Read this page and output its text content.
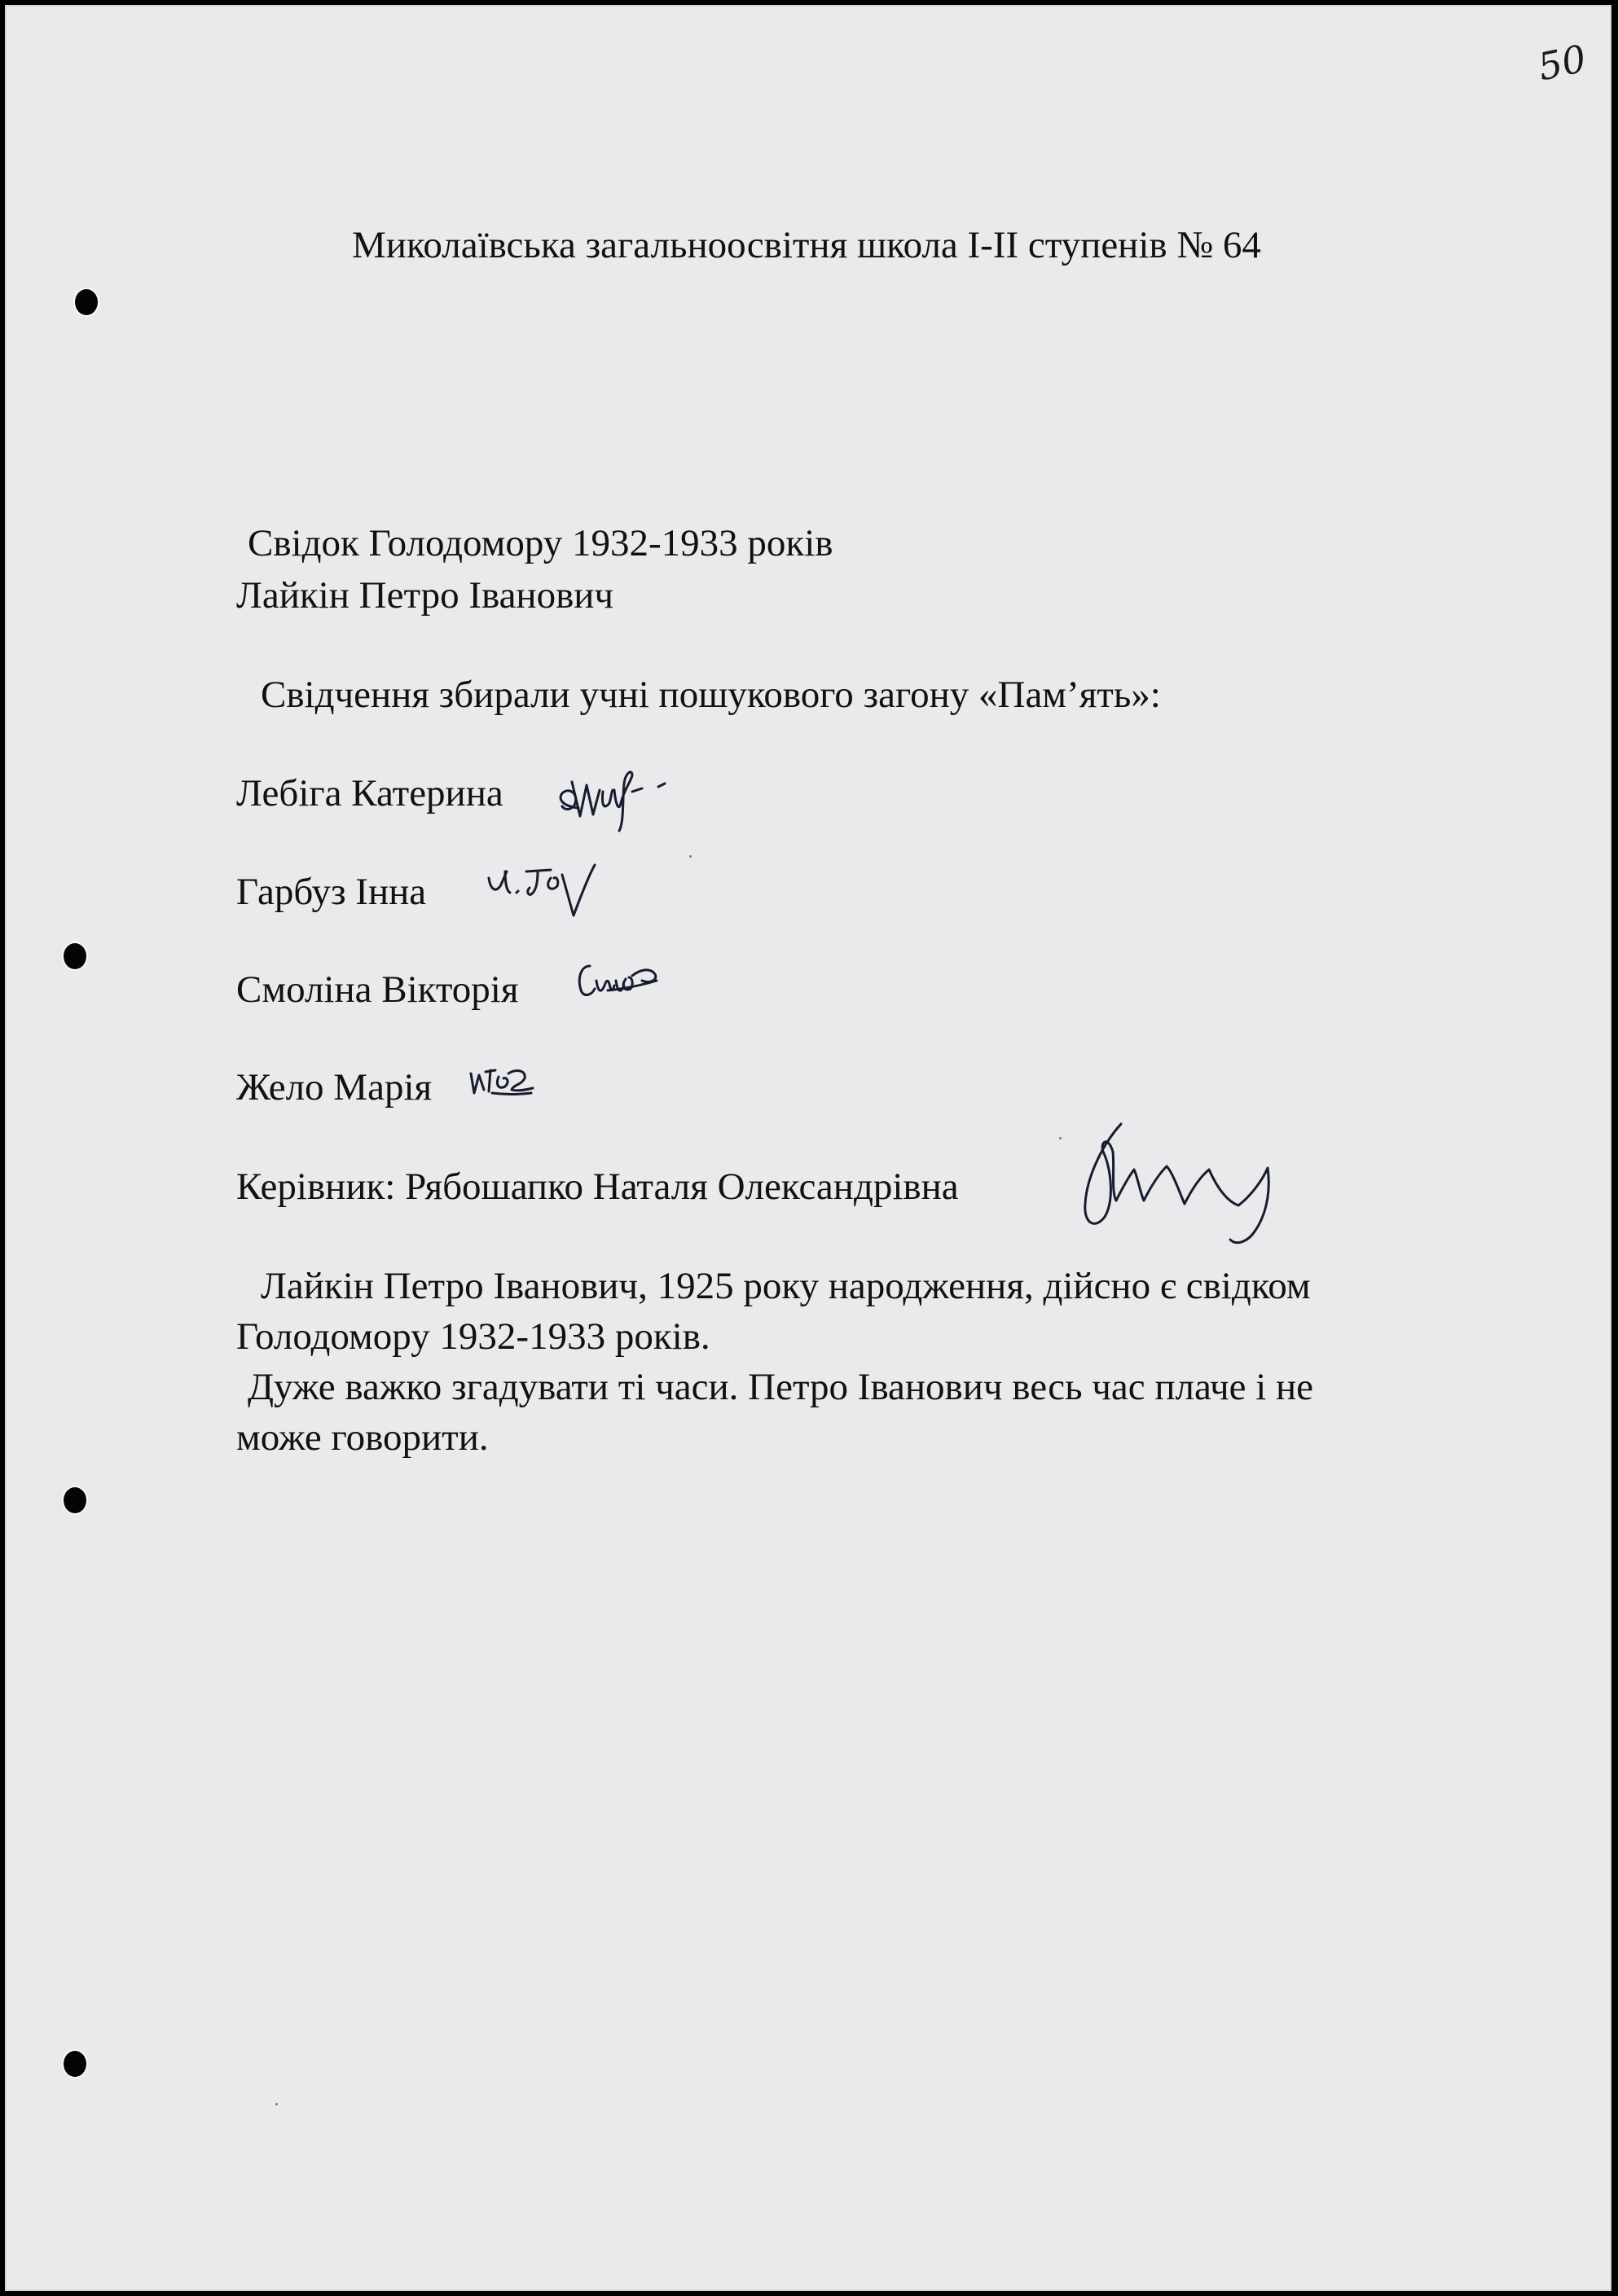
50
Миколаївська загальноосвітня школа І-ІІ ступенів № 64
Свідок Голодомору 1932-1933 років
Лайкін Петро Іванович
Свідчення збирали учні пошукового загону «Пам’ять»:
Лебіга Катерина
Гарбуз Інна
Смоліна Вікторія
Жело Марія
Керівник: Рябошапко Наталя Олександрівна
Лайкін Петро Іванович, 1925 року народження, дійсно є свідком
Голодомору 1932-1933 років.
Дуже важко згадувати ті часи. Петро Іванович весь час плаче і не
може говорити.
